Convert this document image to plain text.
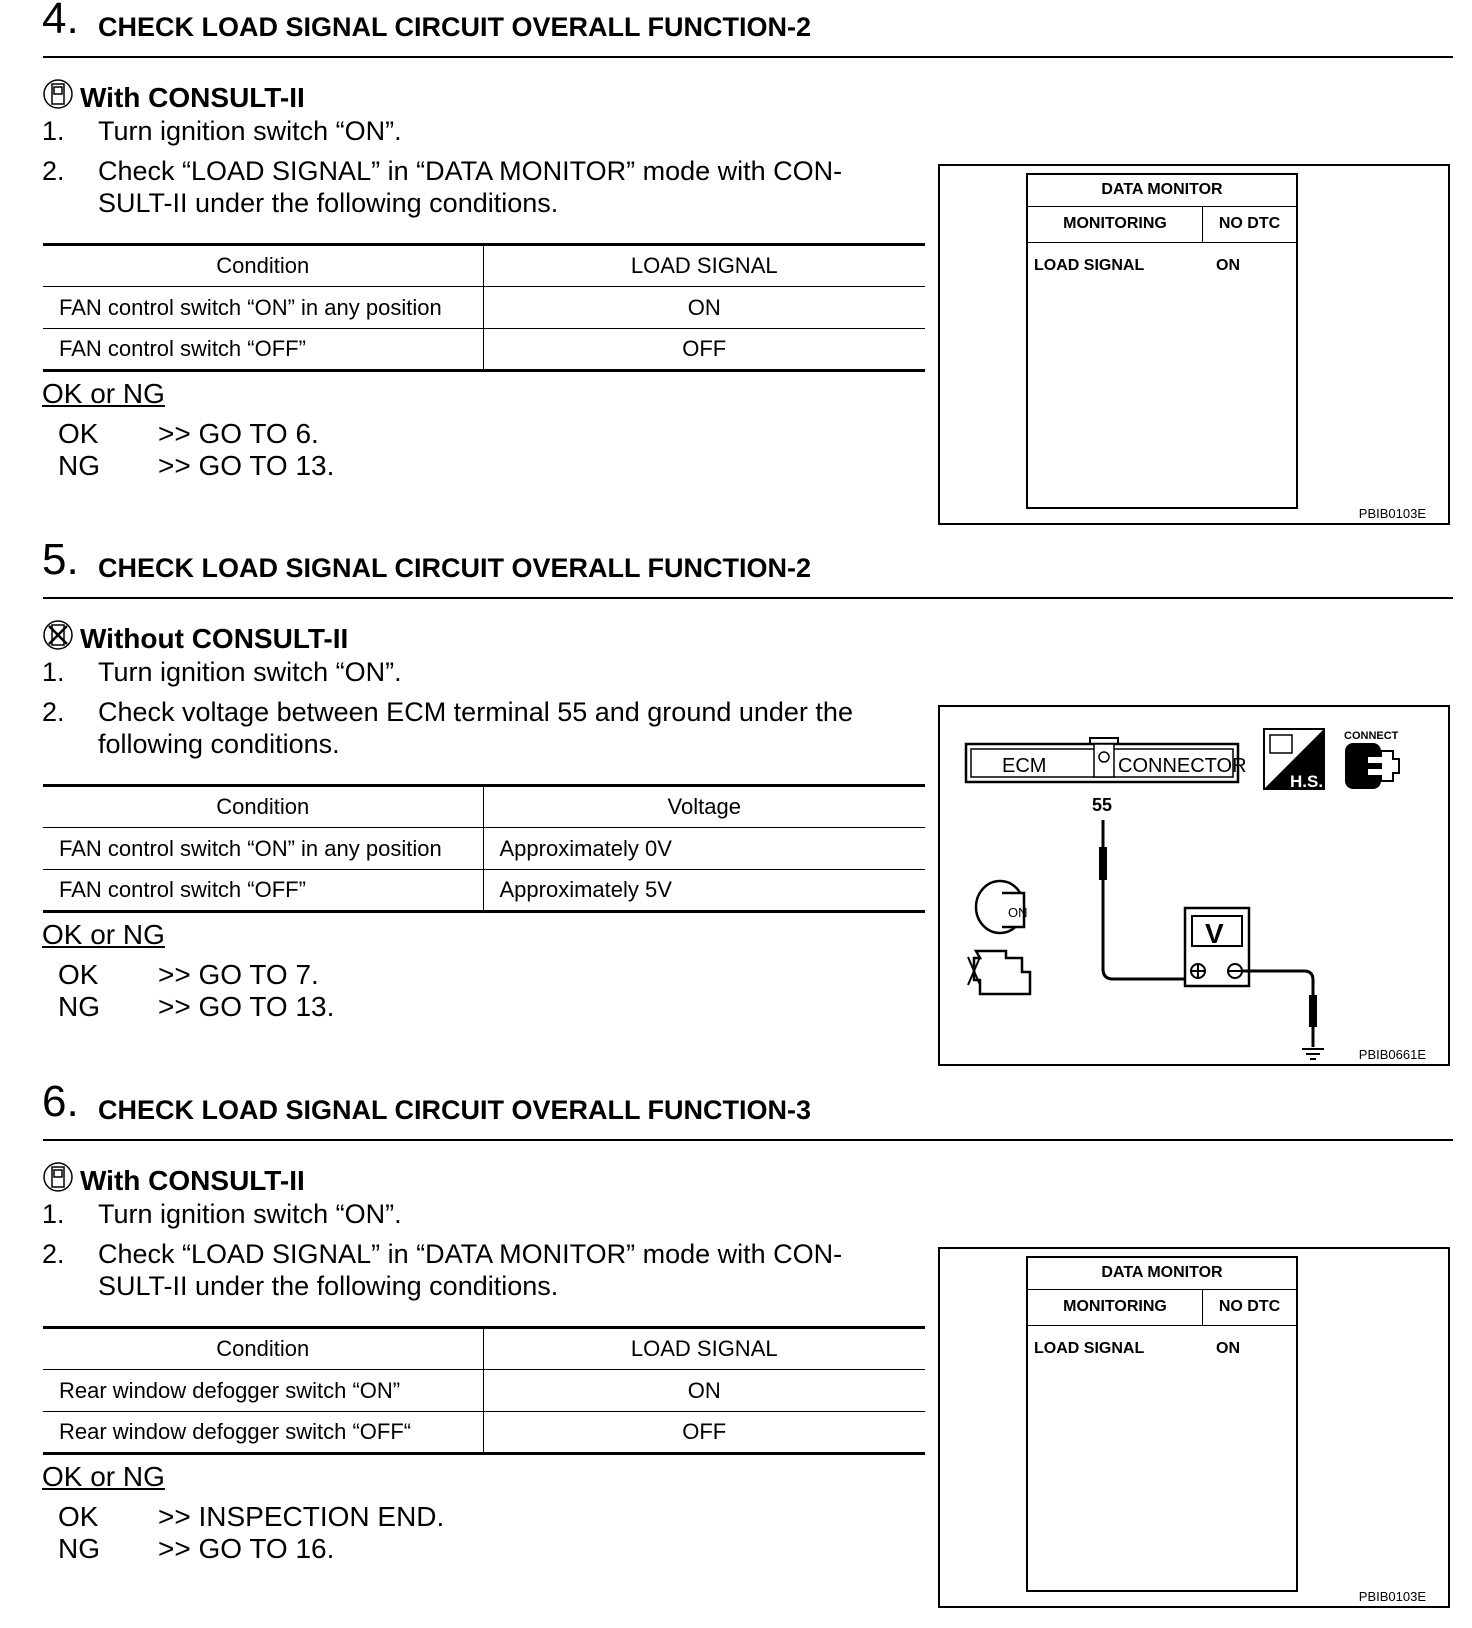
4. CHECK LOAD SIGNAL CIRCUIT OVERALL FUNCTION-2
With CONSULT-II
1. Turn ignition switch “ON”.
2. Check “LOAD SIGNAL” in “DATA MONITOR” mode with CON-
SULT-II under the following conditions.
Condition	LOAD SIGNAL
FAN control switch “ON” in any position	ON
FAN control switch “OFF”	OFF
OK or NG
OK >> GO TO 6.
NG >> GO TO 13.
DATA MONITOR
MONITORING	NO DTC
LOAD SIGNAL	ON
PBIB0103E
5. CHECK LOAD SIGNAL CIRCUIT OVERALL FUNCTION-2
Without CONSULT-II
1. Turn ignition switch “ON”.
2. Check voltage between ECM terminal 55 and ground under the
following conditions.
Condition	Voltage
FAN control switch “ON” in any position	Approximately 0V
FAN control switch “OFF”	Approximately 5V
OK or NG
OK >> GO TO 7.
NG >> GO TO 13.
ECM	CONNECTOR
H.S.
CONNECT
55
V
ON
PBIB0661E
6. CHECK LOAD SIGNAL CIRCUIT OVERALL FUNCTION-3
With CONSULT-II
1. Turn ignition switch “ON”.
2. Check “LOAD SIGNAL” in “DATA MONITOR” mode with CON-
SULT-II under the following conditions.
Condition	LOAD SIGNAL
Rear window defogger switch “ON”	ON
Rear window defogger switch “OFF“	OFF
OK or NG
OK >> INSPECTION END.
NG >> GO TO 16.
DATA MONITOR
MONITORING	NO DTC
LOAD SIGNAL	ON
PBIB0103E
